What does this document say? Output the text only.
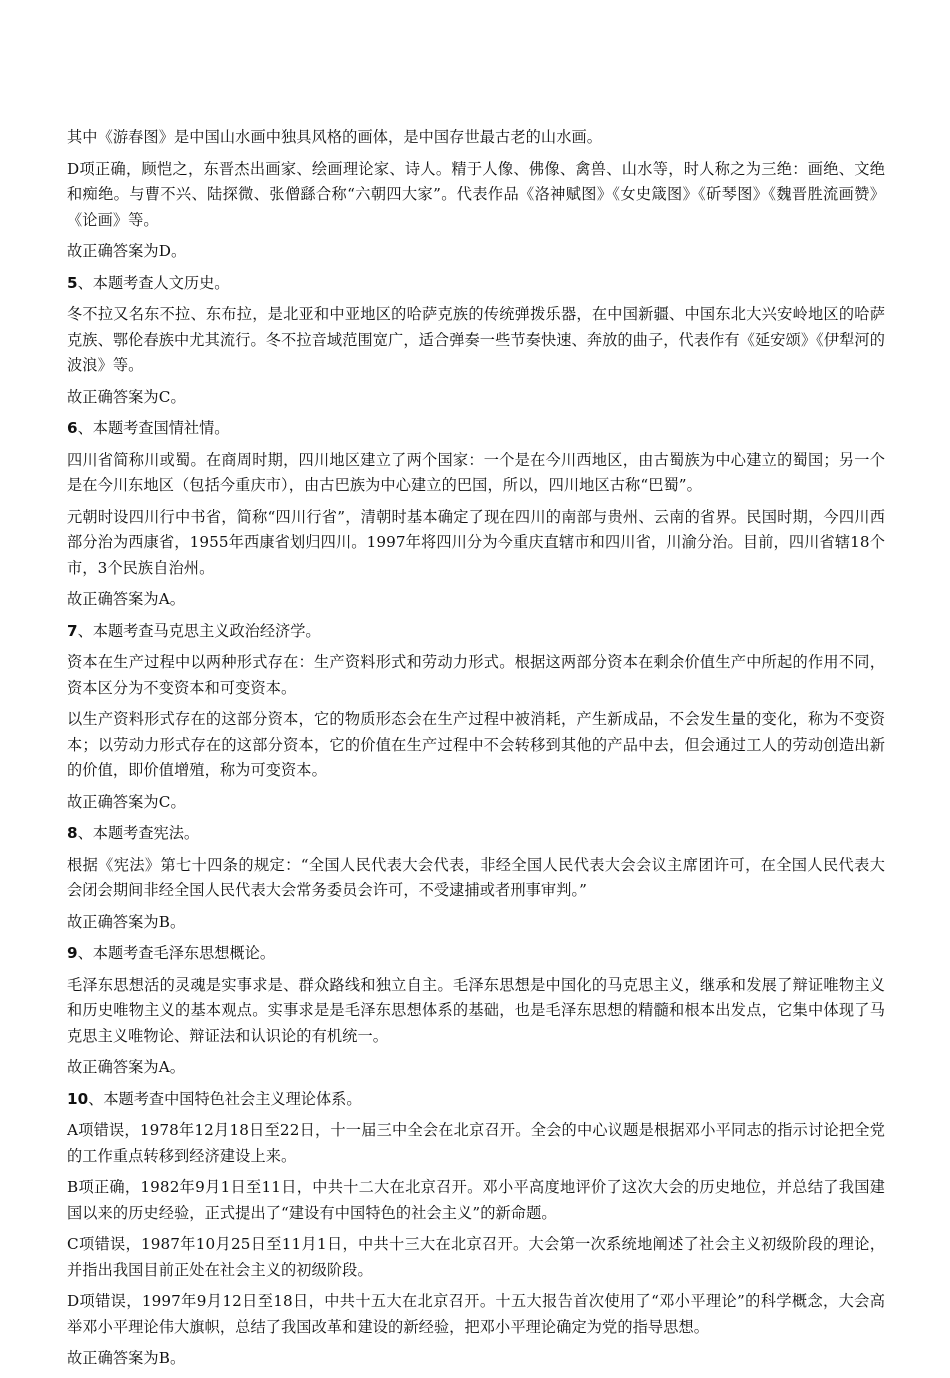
其中《游春图》是中国山水画中独具风格的画体，是中国存世最古老的山水画。

D项正确，顾恺之，东晋杰出画家、绘画理论家、诗人。精于人像、佛像、禽兽、山水等，时人称之为三绝：画绝、文绝和痴绝。与曹不兴、陆探微、张僧繇合称“六朝四大家”。代表作品《洛神赋图》《女史箴图》《斫琴图》《魏晋胜流画赞》《论画》等。

故正确答案为D。

5、本题考查人文历史。

冬不拉又名东不拉、东布拉，是北亚和中亚地区的哈萨克族的传统弹拨乐器，在中国新疆、中国东北大兴安岭地区的哈萨克族、鄂伦春族中尤其流行。冬不拉音域范围宽广，适合弹奏一些节奏快速、奔放的曲子，代表作有《延安颂》《伊犁河的波浪》等。

故正确答案为C。

6、本题考查国情社情。

四川省简称川或蜀。在商周时期，四川地区建立了两个国家：一个是在今川西地区，由古蜀族为中心建立的蜀国；另一个是在今川东地区（包括今重庆市），由古巴族为中心建立的巴国，所以，四川地区古称“巴蜀”。

元朝时设四川行中书省，简称“四川行省”，清朝时基本确定了现在四川的南部与贵州、云南的省界。民国时期，今四川西部分治为西康省，1955年西康省划归四川。1997年将四川分为今重庆直辖市和四川省，川渝分治。目前，四川省辖18个市，3个民族自治州。

故正确答案为A。

7、本题考查马克思主义政治经济学。

资本在生产过程中以两种形式存在：生产资料形式和劳动力形式。根据这两部分资本在剩余价值生产中所起的作用不同，资本区分为不变资本和可变资本。

以生产资料形式存在的这部分资本，它的物质形态会在生产过程中被消耗，产生新成品，不会发生量的变化，称为不变资本；以劳动力形式存在的这部分资本，它的价值在生产过程中不会转移到其他的产品中去，但会通过工人的劳动创造出新的价值，即价值增殖，称为可变资本。

故正确答案为C。

8、本题考查宪法。

根据《宪法》第七十四条的规定：“全国人民代表大会代表，非经全国人民代表大会会议主席团许可，在全国人民代表大会闭会期间非经全国人民代表大会常务委员会许可，不受逮捕或者刑事审判。”

故正确答案为B。

9、本题考查毛泽东思想概论。

毛泽东思想活的灵魂是实事求是、群众路线和独立自主。毛泽东思想是中国化的马克思主义，继承和发展了辩证唯物主义和历史唯物主义的基本观点。实事求是是毛泽东思想体系的基础，也是毛泽东思想的精髓和根本出发点，它集中体现了马克思主义唯物论、辩证法和认识论的有机统一。

故正确答案为A。

10、本题考查中国特色社会主义理论体系。

A项错误，1978年12月18日至22日，十一届三中全会在北京召开。全会的中心议题是根据邓小平同志的指示讨论把全党的工作重点转移到经济建设上来。

B项正确，1982年9月1日至11日，中共十二大在北京召开。邓小平高度地评价了这次大会的历史地位，并总结了我国建国以来的历史经验，正式提出了“建设有中国特色的社会主义”的新命题。

C项错误，1987年10月25日至11月1日，中共十三大在北京召开。大会第一次系统地阐述了社会主义初级阶段的理论，并指出我国目前正处在社会主义的初级阶段。

D项错误，1997年9月12日至18日，中共十五大在北京召开。十五大报告首次使用了“邓小平理论”的科学概念，大会高举邓小平理论伟大旗帜，总结了我国改革和建设的新经验，把邓小平理论确定为党的指导思想。

故正确答案为B。
